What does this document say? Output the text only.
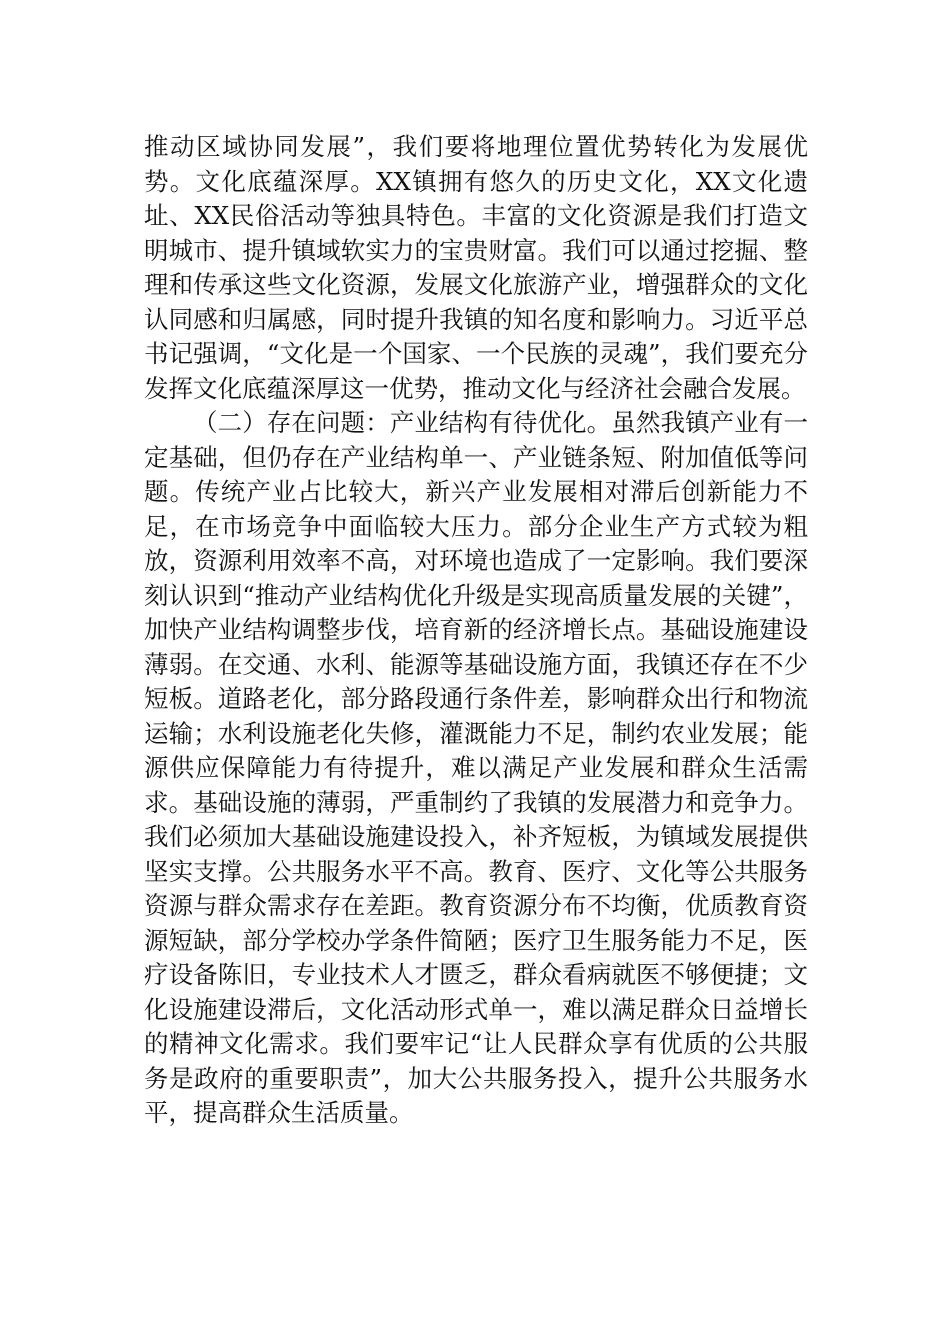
推动区域协同发展”，我们要将地理位置优势转化为发展优势。文化底蕴深厚。XX镇拥有悠久的历史文化，XX文化遗址、XX民俗活动等独具特色。丰富的文化资源是我们打造文明城市、提升镇域软实力的宝贵财富。我们可以通过挖掘、整理和传承这些文化资源，发展文化旅游产业，增强群众的文化认同感和归属感，同时提升我镇的知名度和影响力。习近平总书记强调，“文化是一个国家、一个民族的灵魂”，我们要充分发挥文化底蕴深厚这一优势，推动文化与经济社会融合发展。

（二）存在问题：产业结构有待优化。虽然我镇产业有一定基础，但仍存在产业结构单一、产业链条短、附加值低等问题。传统产业占比较大，新兴产业发展相对滞后创新能力不足，在市场竞争中面临较大压力。部分企业生产方式较为粗放，资源利用效率不高，对环境也造成了一定影响。我们要深刻认识到“推动产业结构优化升级是实现高质量发展的关键”，加快产业结构调整步伐，培育新的经济增长点。基础设施建设薄弱。在交通、水利、能源等基础设施方面，我镇还存在不少短板。道路老化，部分路段通行条件差，影响群众出行和物流运输；水利设施老化失修，灌溉能力不足，制约农业发展；能源供应保障能力有待提升，难以满足产业发展和群众生活需求。基础设施的薄弱，严重制约了我镇的发展潜力和竞争力。我们必须加大基础设施建设投入，补齐短板，为镇域发展提供坚实支撑。公共服务水平不高。教育、医疗、文化等公共服务资源与群众需求存在差距。教育资源分布不均衡，优质教育资源短缺，部分学校办学条件简陋；医疗卫生服务能力不足，医疗设备陈旧，专业技术人才匮乏，群众看病就医不够便捷；文化设施建设滞后，文化活动形式单一，难以满足群众日益增长的精神文化需求。我们要牢记“让人民群众享有优质的公共服务是政府的重要职责”，加大公共服务投入，提升公共服务水平，提高群众生活质量。
